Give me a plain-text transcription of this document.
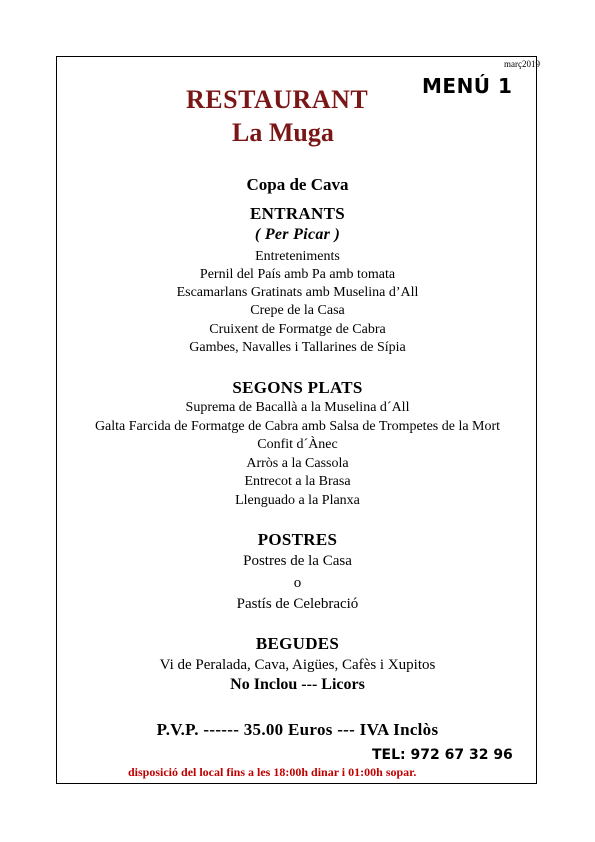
març2019
MENÚ 1
RESTAURANT
La Muga
Copa de Cava
ENTRANTS
( Per Picar )
Entreteniments
Pernil del País amb Pa amb tomata
Escamarlans Gratinats amb Muselina d’All
Crepe de la Casa
Cruixent de Formatge de Cabra
Gambes, Navalles i Tallarines de Sípia
SEGONS PLATS
Suprema de Bacallà a la Muselina d´All
Galta Farcida de Formatge de Cabra amb Salsa de Trompetes de la Mort
Confit d´Ànec
Arròs a la Cassola
Entrecot a la Brasa
Llenguado a la Planxa
POSTRES
Postres de la Casa
o
Pastís de Celebració
BEGUDES
Vi de Peralada, Cava, Aigües, Cafès i Xupitos
No Inclou --- Licors
P.V.P. ------ 35.00 Euros --- IVA Inclòs
TEL: 972 67 32 96
disposició del local fins a les 18:00h dinar i 01:00h sopar.
